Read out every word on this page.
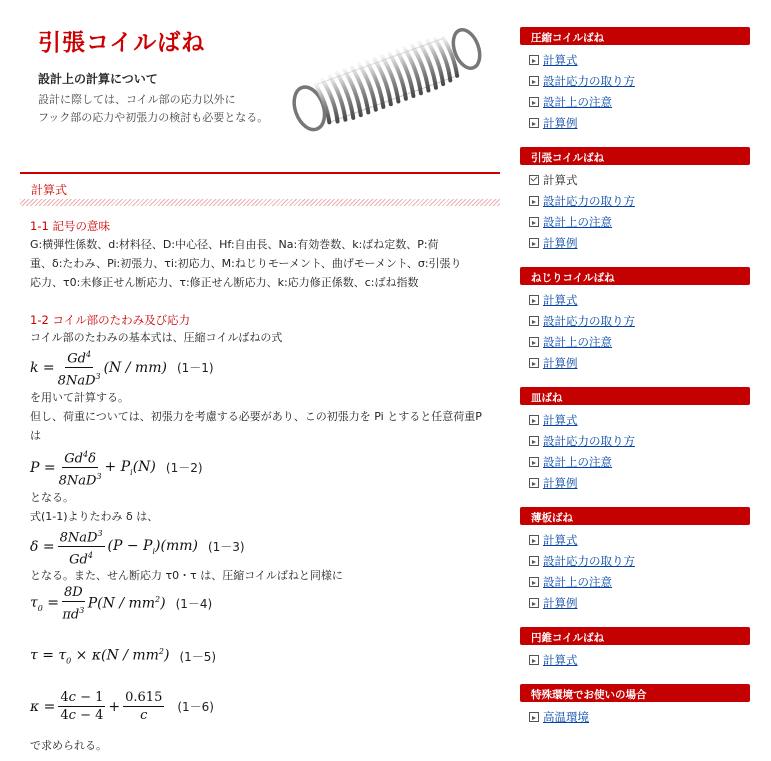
引張コイルばね
設計上の計算について
設計に際しては、コイル部の応力以外に
フック部の応力や初張力の検討も必要となる。
計算式
1-1 記号の意味
G:横弾性係数、d:材料径、D:中心径、Hf:自由長、Na:有効巻数、k:ばね定数、P:荷
重、δ:たわみ、Pi:初張力、τi:初応力、M:ねじりモーメント、曲げモーメント、σ:引張り
応力、τ0:未修正せん断応力、τ:修正せん断応力、k:応力修正係数、c:ばね指数
1-2 コイル部のたわみ及び応力
コイル部のたわみの基本式は、圧縮コイルばねの式
$k = \frac{Gd^4}{8NaD^3} (N / mm)$ (1－1)
を用いて計算する。
但し、荷重については、初張力を考慮する必要があり、この初張力を Pi とすると任意荷重P
は
$P = \frac{Gd^4\delta}{8NaD^3} + P_i(N)$ (1－2)
となる。
式(1-1)よりたわみ δ は、
$\delta = \frac{8NaD^3}{Gd^4} (P - P_i)(mm)$ (1－3)
となる。また、せん断応力 τ0・τ は、圧縮コイルばねと同様に
$\tau_0 = \frac{8D}{\pi d^3} P(N / mm^2)$ (1－4)
$\tau = \tau_0 \times \kappa(N / mm^2)$ (1－5)
$\kappa = \frac{4c - 1}{4c - 4} + \frac{0.615}{c} (1-6)$
で求められる。
圧縮コイルばね
計算式
設計応力の取り方
設計上の注意
計算例
引張コイルばね
計算式
設計応力の取り方
設計上の注意
計算例
ねじりコイルばね
計算式
設計応力の取り方
設計上の注意
計算例
皿ばね
計算式
設計応力の取り方
設計上の注意
計算例
薄板ばね
計算式
設計応力の取り方
設計上の注意
計算例
円錐コイルばね
計算式
特殊環境でお使いの場合
高温環境
